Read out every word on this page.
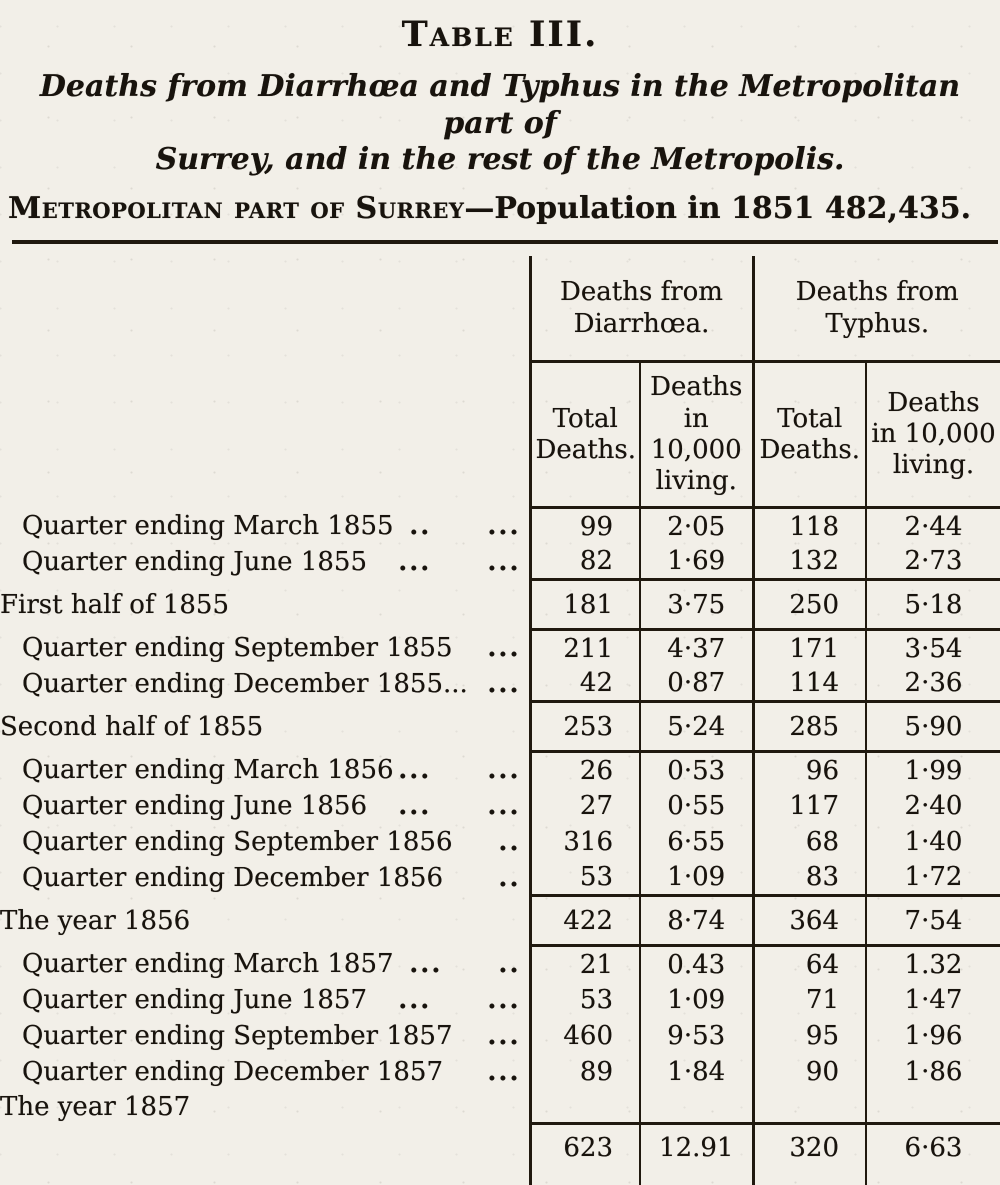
Table III.
Deaths from Diarrhœa and Typhus in the Metropolitan part of
Surrey, and in the rest of the Metropolis.
Metropolitan part of Surrey—Population in 1851 482,435.
	Deaths from Diarrhœa.		Deaths from Typhus.	
	Total Deaths.	Deaths in 10,000 living.	Total Deaths.	Deaths in 10,000 living.

Quarter ending March 1855 ..  ...	99	2·05	118	2·44

Quarter ending June 1855 ...  ...	82	1·69	132	2·73

First half of 1855	181	3·75	250	5·18

Quarter ending September 1855 ...	211	4·37	171	3·54

Quarter ending December 1855... ...	42	0·87	114	2·36

Second half of 1855	253	5·24	285	5·90

Quarter ending March 1856 ...  ...	26	0·53	96	1·99

Quarter ending June 1856 ...  ...	27	0·55	117	2·40

Quarter ending September 1856 ..	316	6·55	68	1·40

Quarter ending December 1856 ..	53	1·09	83	1·72

The year 1856	422	8·74	364	7·54

Quarter ending March 1857 ...  ..	21	0.43	64	1.32

Quarter ending June 1857 ...  ...	53	1·09	71	1·47

Quarter ending September 1857 ...	460	9·53	95	1·96

Quarter ending December 1857 ...	89	1·84	90	1·86

The year 1857				

	623	12.91	320	6·63
